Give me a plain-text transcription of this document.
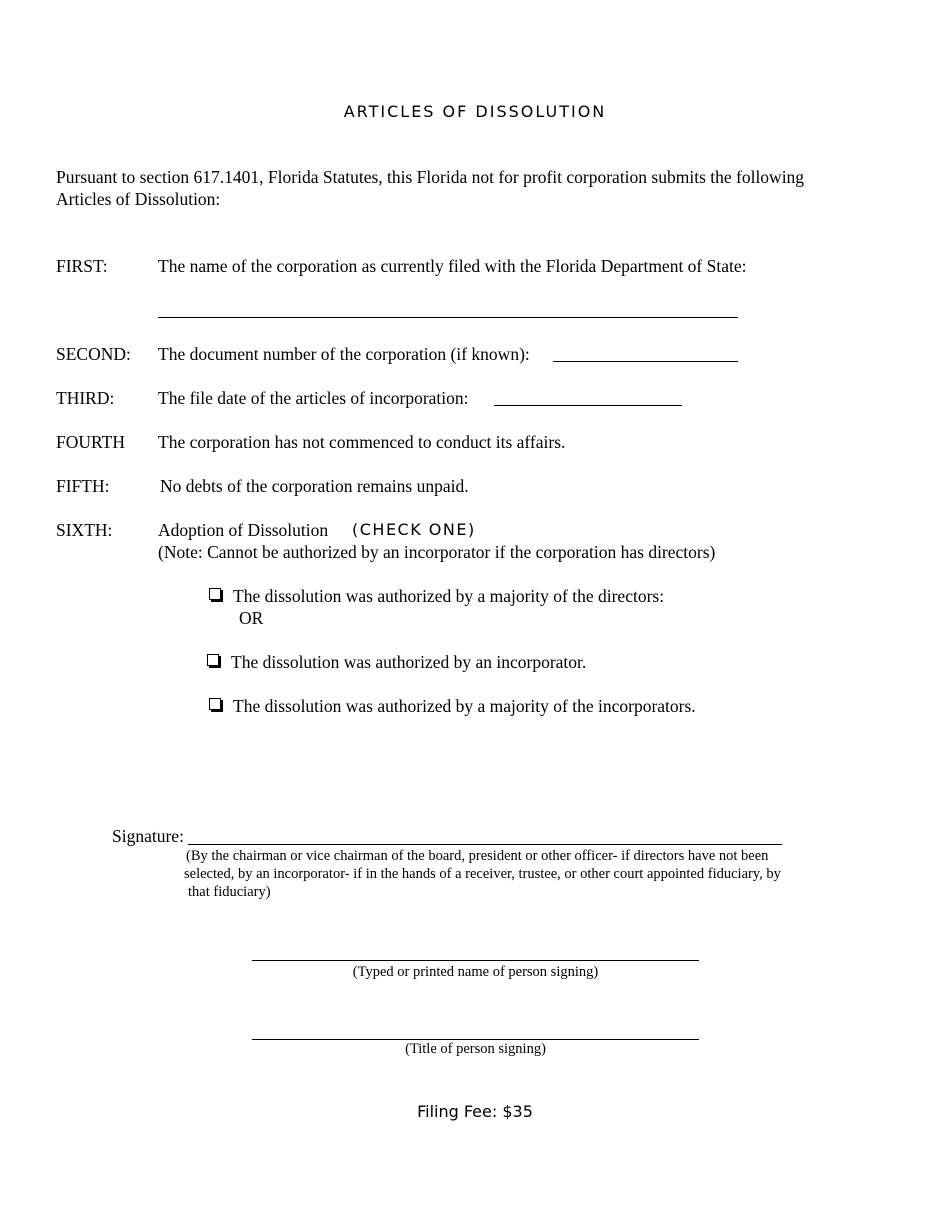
ARTICLES OF DISSOLUTION
Pursuant to section 617.1401, Florida Statutes, this Florida not for profit corporation submits the following
Articles of Dissolution:
FIRST:	The name of the corporation as currently filed with the Florida Department of State:
SECOND: The document number of the corporation (if known):
THIRD: The file date of the articles of incorporation:
FOURTH The corporation has not commenced to conduct its affairs.
FIFTH:	No debts of the corporation remains unpaid.
SIXTH:	Adoption of Dissolution (CHECK ONE)
(Note: Cannot be authorized by an incorporator if the corporation has directors)
The dissolution was authorized by a majority of the directors:
OR
The dissolution was authorized by an incorporator.
The dissolution was authorized by a majority of the incorporators.
Signature:
(By the chairman or vice chairman of the board, president or other officer- if directors have not been
selected, by an incorporator- if in the hands of a receiver, trustee, or other court appointed fiduciary, by
that fiduciary)
(Typed or printed name of person signing)
(Title of person signing)
Filing Fee: $35
